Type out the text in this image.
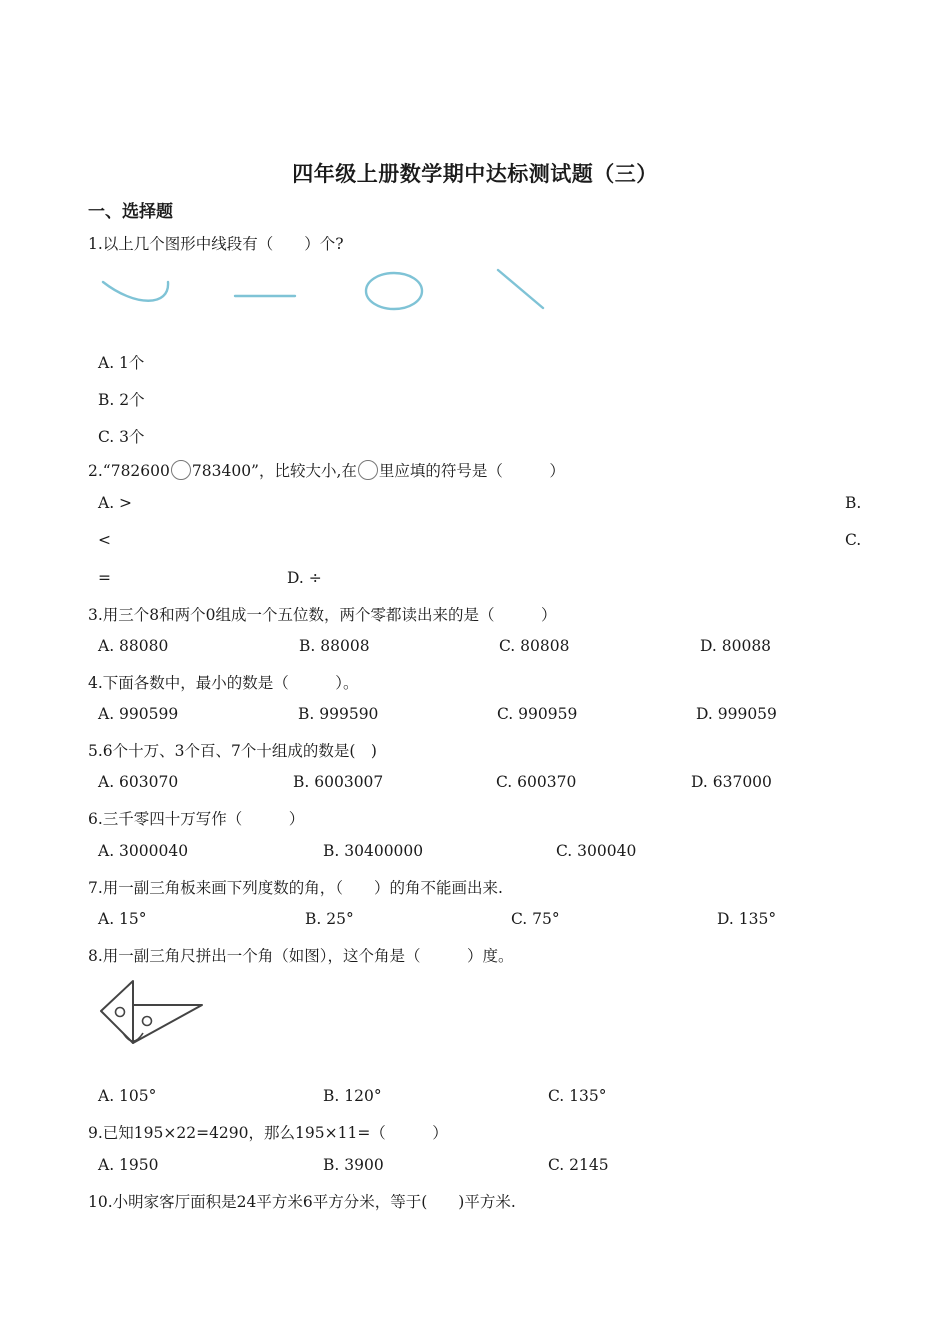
四年级上册数学期中达标测试题（三）
一、选择题
1.以上几个图形中线段有（　　）个?
A. 1个
B. 2个
C. 3个
2.“782600 783400”，比较大小,在 里应填的符号是（　　　）
A. >	B.
<	C.
=	D. ÷
3.用三个8和两个0组成一个五位数，两个零都读出来的是（　　　）
A. 88080	B. 88008	C. 80808	D. 80088
4.下面各数中，最小的数是（　　　）。
A. 990599	B. 999590	C. 990959	D. 999059
5.6个十万、3个百、7个十组成的数是(　)
A. 603070	B. 6003007	C. 600370	D. 637000
6.三千零四十万写作（　　　）
A. 3000040	B. 30400000	C. 300040
7.用一副三角板来画下列度数的角，（　　）的角不能画出来.
A. 15°	B. 25°	C. 75°	D. 135°
8.用一副三角尺拼出一个角（如图），这个角是（　　　）度。
A. 105°	B. 120°	C. 135°
9.已知195×22=4290，那么195×11=（　　　）
A. 1950	B. 3900	C. 2145
10.小明家客厅面积是24平方米6平方分米，等于(　　)平方米.
